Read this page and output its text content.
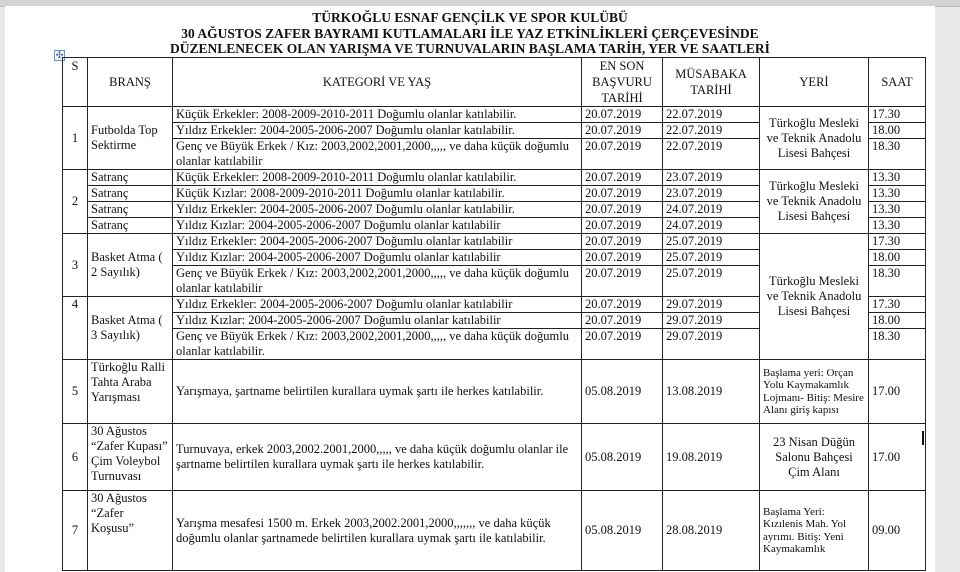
TÜRKOĞLU ESNAF GENÇİLK VE SPOR KULÜBÜ
30 AĞUSTOS ZAFER BAYRAMI KUTLAMALARI İLE YAZ ETKİNLİKLERİ ÇERÇEVESİNDE
DÜZENLENECEK OLAN YARIŞMA VE TURNUVALARIN BAŞLAMA TARİH, YER VE SAATLERİ
✣
S	BRANŞ	KATEGORİ VE YAŞ	EN SON BAŞVURU TARİHİ	MÜSABAKA TARİHİ	YERİ	SAAT
1	Futbolda Top Sektirme	Küçük Erkekler: 2008-2009-2010-2011 Doğumlu olanlar katılabilir.	20.07.2019	22.07.2019	Türkoğlu Mesleki ve Teknik Anadolu Lisesi Bahçesi	17.30
		Yıldız Erkekler: 2004-2005-2006-2007 Doğumlu olanlar katılabilir.	20.07.2019	22.07.2019		18.00
		Genç ve Büyük Erkek / Kız: 2003,2002,2001,2000,,,,, ve daha küçük doğumlu olanlar katılabilir	20.07.2019	22.07.2019		18.30
2	Satranç	Küçük Erkekler: 2008-2009-2010-2011 Doğumlu olanlar katılabilir.	20.07.2019	23.07.2019	Türkoğlu Mesleki ve Teknik Anadolu Lisesi Bahçesi	13.30
	Satranç	Küçük Kızlar: 2008-2009-2010-2011 Doğumlu olanlar katılabilir.	20.07.2019	23.07.2019		13.30
	Satranç	Yıldız Erkekler: 2004-2005-2006-2007 Doğumlu olanlar katılabilir.	20.07.2019	24.07.2019		13.30
	Satranç	Yıldız Kızlar: 2004-2005-2006-2007 Doğumlu olanlar katılabilir	20.07.2019	24.07.2019		13.30
3	Basket Atma ( 2 Sayılık)	Yıldız Erkekler: 2004-2005-2006-2007 Doğumlu olanlar katılabilir	20.07.2019	25.07.2019	Türkoğlu Mesleki ve Teknik Anadolu Lisesi Bahçesi	17.30
		Yıldız Kızlar: 2004-2005-2006-2007 Doğumlu olanlar katılabilir	20.07.2019	25.07.2019		18.00
		Genç ve Büyük Erkek / Kız: 2003,2002,2001,2000,,,,, ve daha küçük doğumlu olanlar katılabilir	20.07.2019	25.07.2019		18.30
4	Basket Atma ( 3 Sayılık)	Yıldız Erkekler: 2004-2005-2006-2007 Doğumlu olanlar katılabilir	20.07.2019	29.07.2019		17.30
		Yıldız Kızlar: 2004-2005-2006-2007 Doğumlu olanlar katılabilir	20.07.2019	29.07.2019		18.00
		Genç ve Büyük Erkek / Kız: 2003,2002,2001,2000,,,,, ve daha küçük doğumlu olanlar katılabilir.	20.07.2019	29.07.2019		18.30
5	Türkoğlu Ralli Tahta Araba Yarışması	Yarışmaya, şartname belirtilen kurallara uymak şartı ile herkes katılabilir.	05.08.2019	13.08.2019	Başlama yeri: Orçan Yolu Kaymakamlık Lojmanı- Bitiş: Mesire Alanı giriş kapısı	17.00
6	30 Ağustos “Zafer Kupası” Çim Voleybol Turnuvası	Turnuvaya, erkek 2003,2002.2001,2000,,,,, ve daha küçük doğumlu olanlar ile şartname belirtilen kurallara uymak şartı ile herkes katılabilir.	05.08.2019	19.08.2019	23 Nisan Düğün Salonu Bahçesi Çim Alanı	17.00
7	30 Ağustos “Zafer Koşusu”	Yarışma mesafesi 1500 m. Erkek 2003,2002.2001,2000,,,,,,, ve daha küçük doğumlu olanlar şartnamede belirtilen kurallara uymak şartı ile katılabilir.	05.08.2019	28.08.2019	Başlama Yeri: Kızılenis Mah. Yol ayrımı. Bitiş: Yeni Kaymakamlık	09.00
